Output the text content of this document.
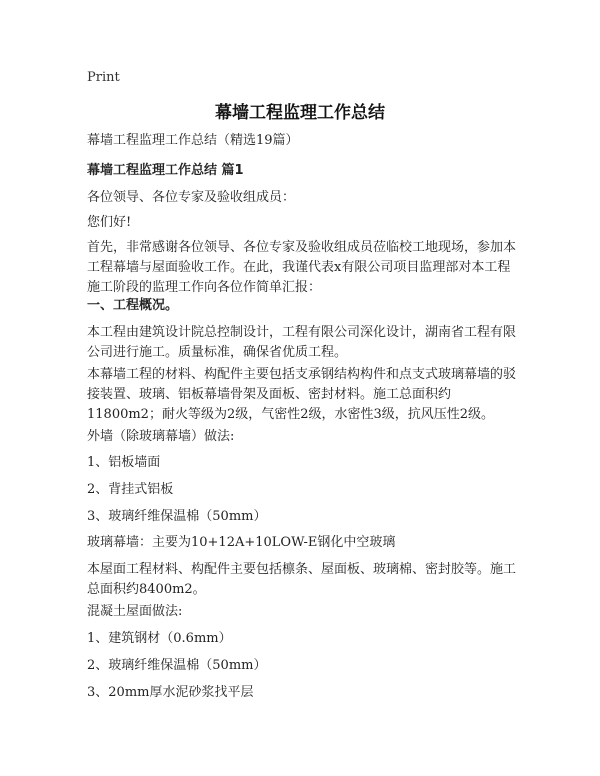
Print
幕墙工程监理工作总结
幕墙工程监理工作总结（精选19篇）
幕墙工程监理工作总结 篇1
各位领导、各位专家及验收组成员：
您们好!
首先，非常感谢各位领导、各位专家及验收组成员莅临校工地现场，参加本工程幕墙与屋面验收工作。在此，我谨代表x有限公司项目监理部对本工程施工阶段的监理工作向各位作简单汇报：
一、工程概况。
本工程由建筑设计院总控制设计，工程有限公司深化设计，湖南省工程有限公司进行施工。质量标准，确保省优质工程。
本幕墙工程的材料、构配件主要包括支承钢结构构件和点支式玻璃幕墙的驳接装置、玻璃、铝板幕墙骨架及面板、密封材料。施工总面积约11800m2；耐火等级为2级，气密性2级，水密性3级，抗风压性2级。
外墙（除玻璃幕墙）做法:
1、铝板墙面
2、背挂式铝板
3、玻璃纤维保温棉（50mm）
玻璃幕墙：主要为10+12A+10LOW-E钢化中空玻璃
本屋面工程材料、构配件主要包括檩条、屋面板、玻璃棉、密封胶等。施工总面积约8400m2。
混凝土屋面做法:
1、建筑钢材（0.6mm）
2、玻璃纤维保温棉（50mm）
3、20mm厚水泥砂浆找平层
